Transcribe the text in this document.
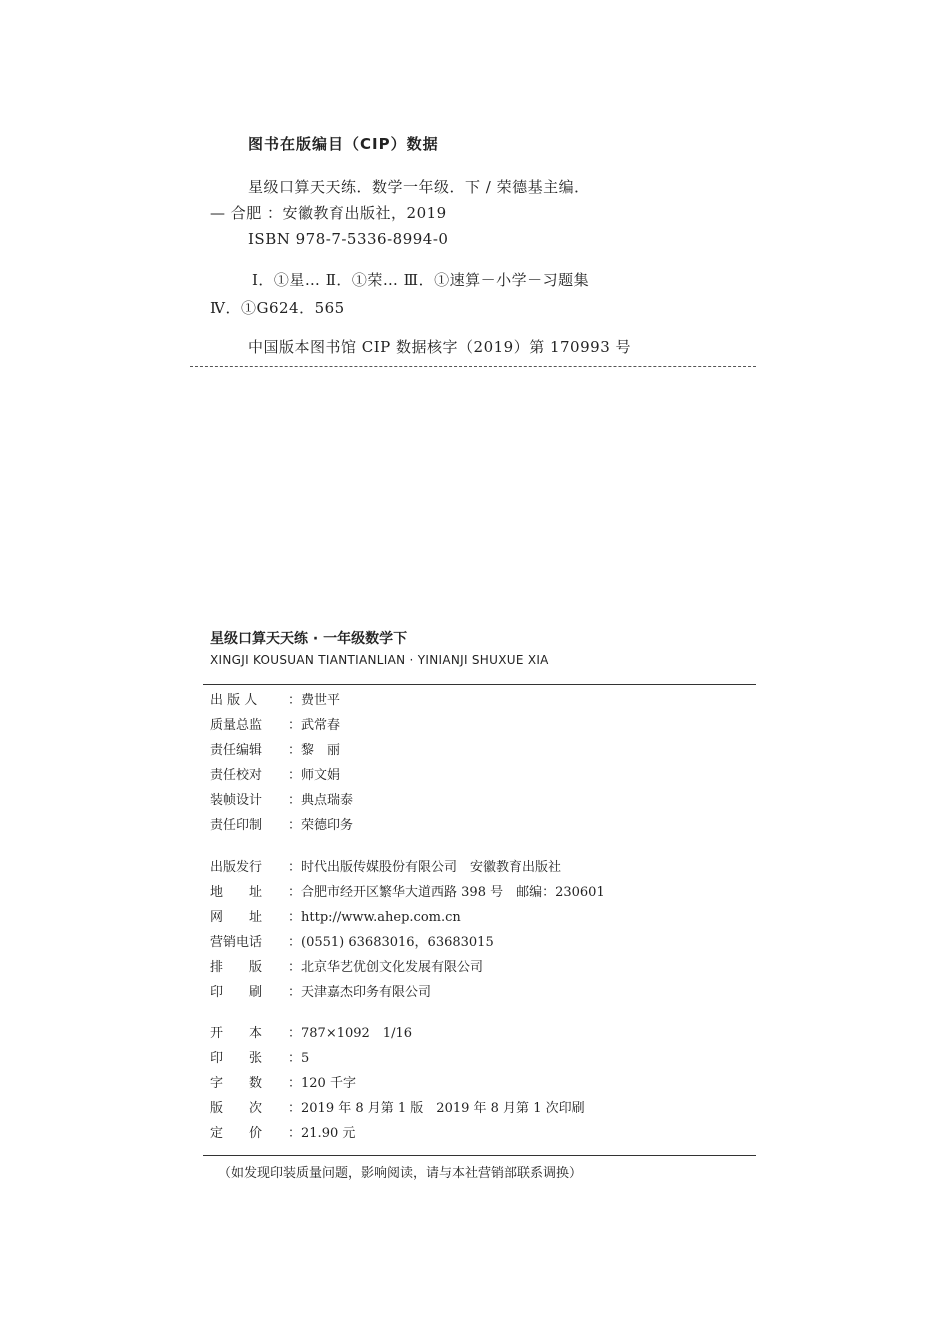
图书在版编目（CIP）数据
星级口算天天练．数学一年级．下 / 荣德基主编．
— 合肥 ：安徽教育出版社，2019
ISBN 978-7-5336-8994-0
Ⅰ．①星… Ⅱ．①荣… Ⅲ．①速算－小学－习题集
Ⅳ．①G624．565
中国版本图书馆 CIP 数据核字（2019）第 170993 号
星级口算天天练 · 一年级数学下
XINGJI KOUSUAN TIANTIANLIAN · YINIANJI SHUXUE XIA
出 版 人	： 费世平
质量总监	： 武常春
责任编辑	： 黎　丽
责任校对	： 师文娟
装帧设计	： 典点瑞泰
责任印制	： 荣德印务
出版发行	： 时代出版传媒股份有限公司　安徽教育出版社
地　　址	： 合肥市经开区繁华大道西路 398 号　邮编：230601
网　　址	： http://www.ahep.com.cn
营销电话	： (0551) 63683016，63683015
排　　版	： 北京华艺优创文化发展有限公司
印　　刷	： 天津嘉杰印务有限公司
开　　本	： 787×1092　1/16
印　　张	： 5
字　　数	： 120 千字
版　　次	： 2019 年 8 月第 1 版　2019 年 8 月第 1 次印刷
定　　价	： 21.90 元
（如发现印装质量问题，影响阅读，请与本社营销部联系调换）
